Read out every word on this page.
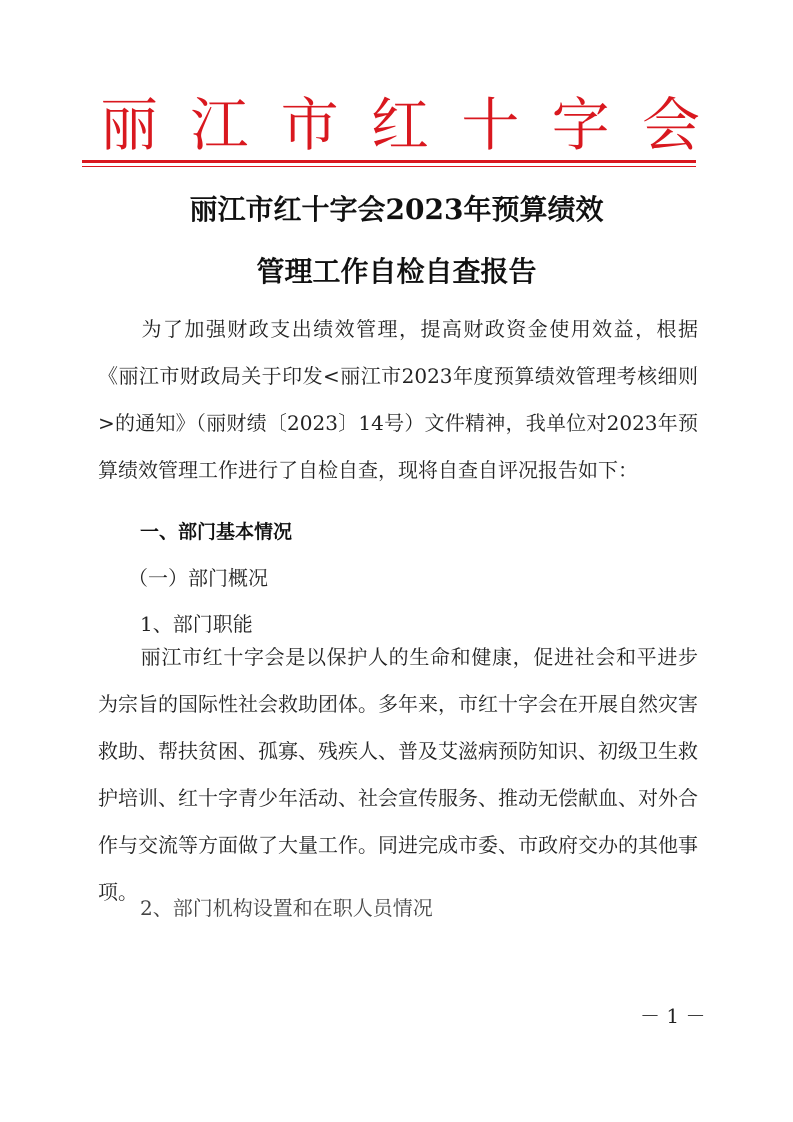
丽 江 市 红 十 字 会
丽江市红十字会2023年预算绩效
管理工作自检自查报告
为了加强财政支出绩效管理，提高财政资金使用效益，根据《丽江市财政局关于印发<丽江市2023年度预算绩效管理考核细则>的通知》（丽财绩〔2023〕14号）文件精神，我单位对2023年预算绩效管理工作进行了自检自查，现将自查自评况报告如下：
一、部门基本情况
（一）部门概况
1、部门职能
丽江市红十字会是以保护人的生命和健康，促进社会和平进步为宗旨的国际性社会救助团体。多年来，市红十字会在开展自然灾害救助、帮扶贫困、孤寡、残疾人、普及艾滋病预防知识、初级卫生救护培训、红十字青少年活动、社会宣传服务、推动无偿献血、对外合作与交流等方面做了大量工作。同进完成市委、市政府交办的其他事项。
2、部门机构设置和在职人员情况
－ 1 －
